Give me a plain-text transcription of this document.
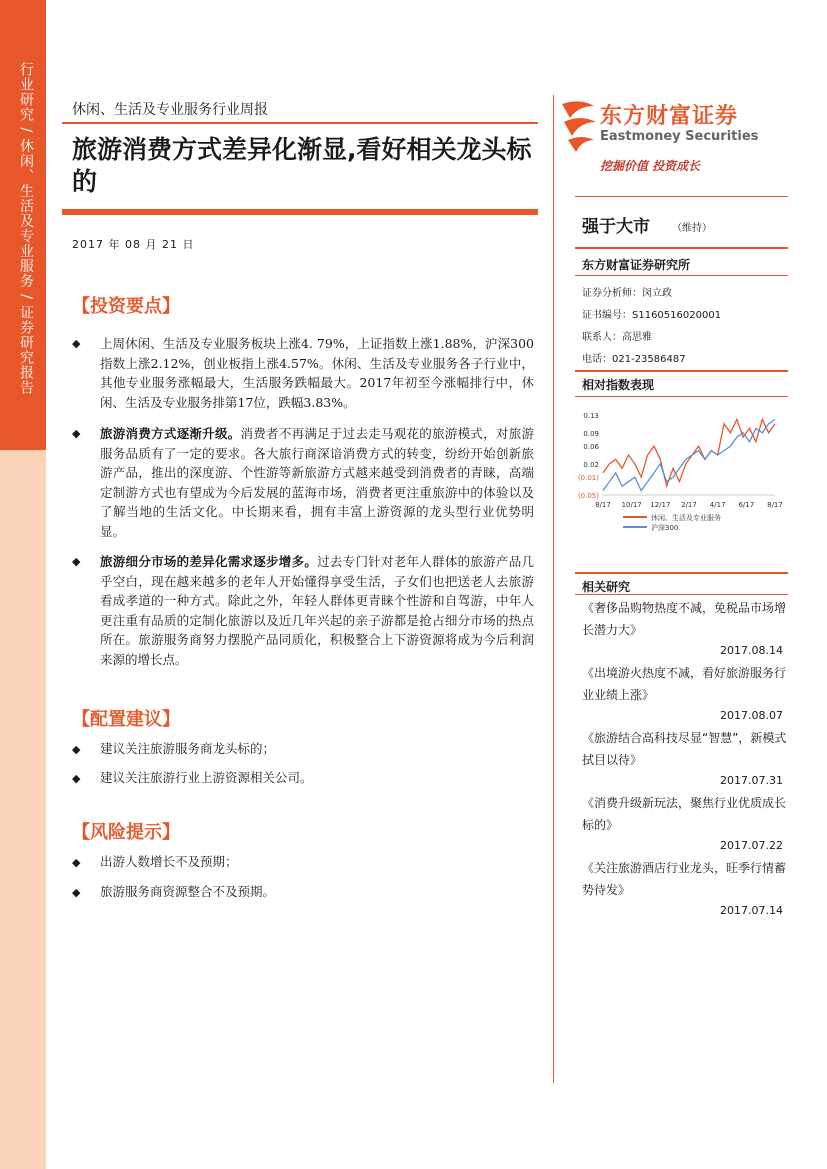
行业研究 / 休闲、生活及专业服务 / 证券研究报告	休闲、生活及专业服务行业周报
旅游消费方式差异化渐显,看好相关龙头标的
2017 年 08 月 21 日
【投资要点】
◆ 上周休闲、生活及专业服务板块上涨4. 79%，上证指数上涨1.88%，沪深300指数上涨2.12%，创业板指上涨4.57%。休闲、生活及专业服务各子行业中，其他专业服务涨幅最大，生活服务跌幅最大。2017年初至今涨幅排行中，休闲、生活及专业服务排第17位，跌幅3.83%。
◆ 旅游消费方式逐渐升级。消费者不再满足于过去走马观花的旅游模式，对旅游服务品质有了一定的要求。各大旅行商深谙消费方式的转变，纷纷开始创新旅游产品，推出的深度游、个性游等新旅游方式越来越受到消费者的青睐，高端定制游方式也有望成为今后发展的蓝海市场，消费者更注重旅游中的体验以及了解当地的生活文化。中长期来看，拥有丰富上游资源的龙头型行业优势明显。
◆ 旅游细分市场的差异化需求逐步增多。过去专门针对老年人群体的旅游产品几乎空白，现在越来越多的老年人开始懂得享受生活，子女们也把送老人去旅游看成孝道的一种方式。除此之外，年轻人群体更青睐个性游和自驾游，中年人更注重有品质的定制化旅游以及近几年兴起的亲子游都是抢占细分市场的热点所在。旅游服务商努力摆脱产品同质化，积极整合上下游资源将成为今后利润来源的增长点。
【配置建议】
◆ 建议关注旅游服务商龙头标的；
◆ 建议关注旅游行业上游资源相关公司。
【风险提示】
◆ 出游人数增长不及预期；
◆ 旅游服务商资源整合不及预期。
东方财富证券
Eastmoney Securities
挖掘价值 投资成长
强于大市 （维持）
东方财富证券研究所
证券分析师：闵立政
证书编号：S1160516020001
联系人：高思雅
电话：021-23586487
相对指数表现
0.13
0.09
0.06
0.02
(0.01)
(0.05)
8/17 10/17 12/17 2/17 4/17 6/17 8/17
休闲、生活及专业服务
沪深300
相关研究
《奢侈品购物热度不减，免税品市场增长潜力大》
2017.08.14
《出境游火热度不减，看好旅游服务行业业绩上涨》
2017.08.07
《旅游结合高科技尽显“智慧”，新模式拭目以待》
2017.07.31
《消费升级新玩法，聚焦行业优质成长标的》
2017.07.22
《关注旅游酒店行业龙头，旺季行情蓄势待发》
2017.07.14
